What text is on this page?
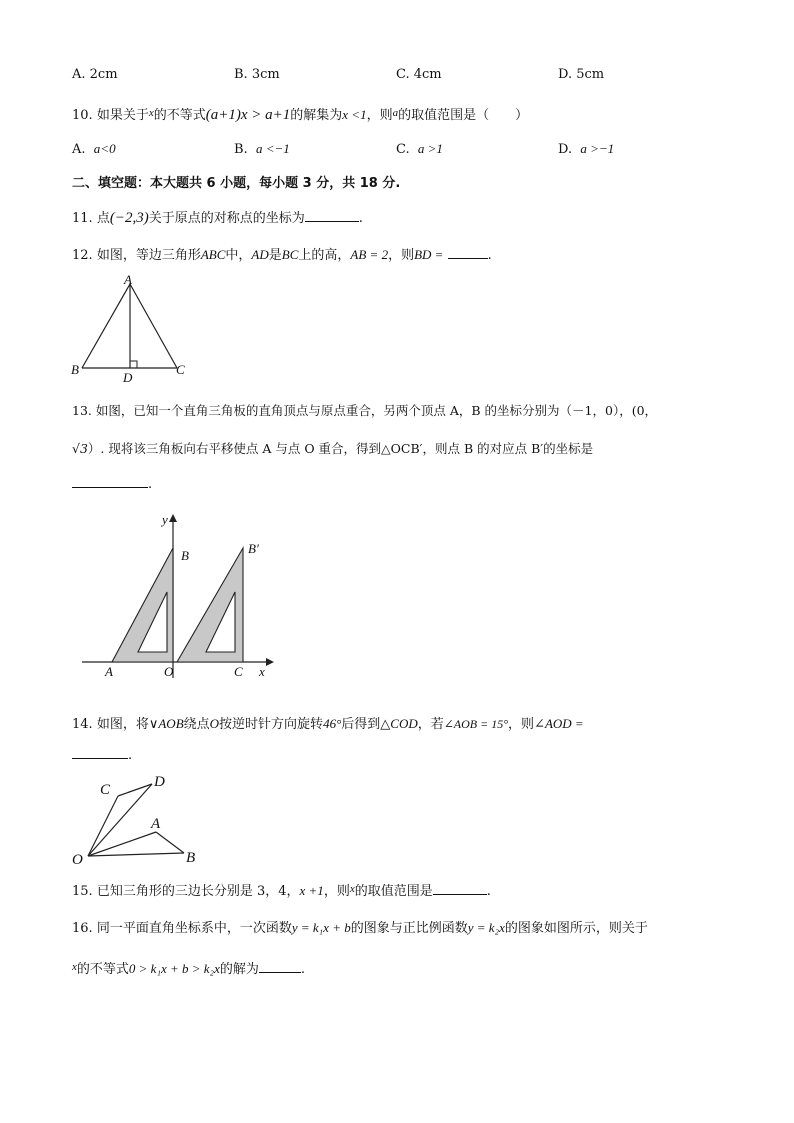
A. 2cm	B. 3cm	C. 4cm	D. 5cm
10. 如果关于$^x$的不等式(a+1)x > a+1的解集为x <1，则$^a$的取值范围是（　　）
A. a<0	B. a <−1	C. a >1	D. a >−1
二、填空题：本大题共 6 小题，每小题 3 分，共 18 分.
11. 点(−2,3)关于原点的对称点的坐标为	.
12. 如图，等边三角形ABC中，AD是BC上的高，AB = 2，则BD =	.
A
B	C
D
13. 如图，已知一个直角三角板的直角顶点与原点重合，另两个顶点 A，B 的坐标分别为（－1，0），(0，
√3）. 现将该三角板向右平移使点 A 与点 O 重合，得到△OCB′，则点 B 的对应点 B′的坐标是
.
y
x
B	B′
A	O	C
14. 如图，将∨AOB绕点O按逆时针方向旋转46°后得到△COD，若∠AOB = 15°，则∠AOD =
.
C	D
A
O	B
15. 已知三角形的三边长分别是 3，4，x +1，则$^x$的取值范围是	.
16. 同一平面直角坐标系中，一次函数y = k₁x + b的图象与正比例函数y = k₂x的图象如图所示，则关于
$^x$的不等式0 > k₁x + b > k₂x的解为	.
